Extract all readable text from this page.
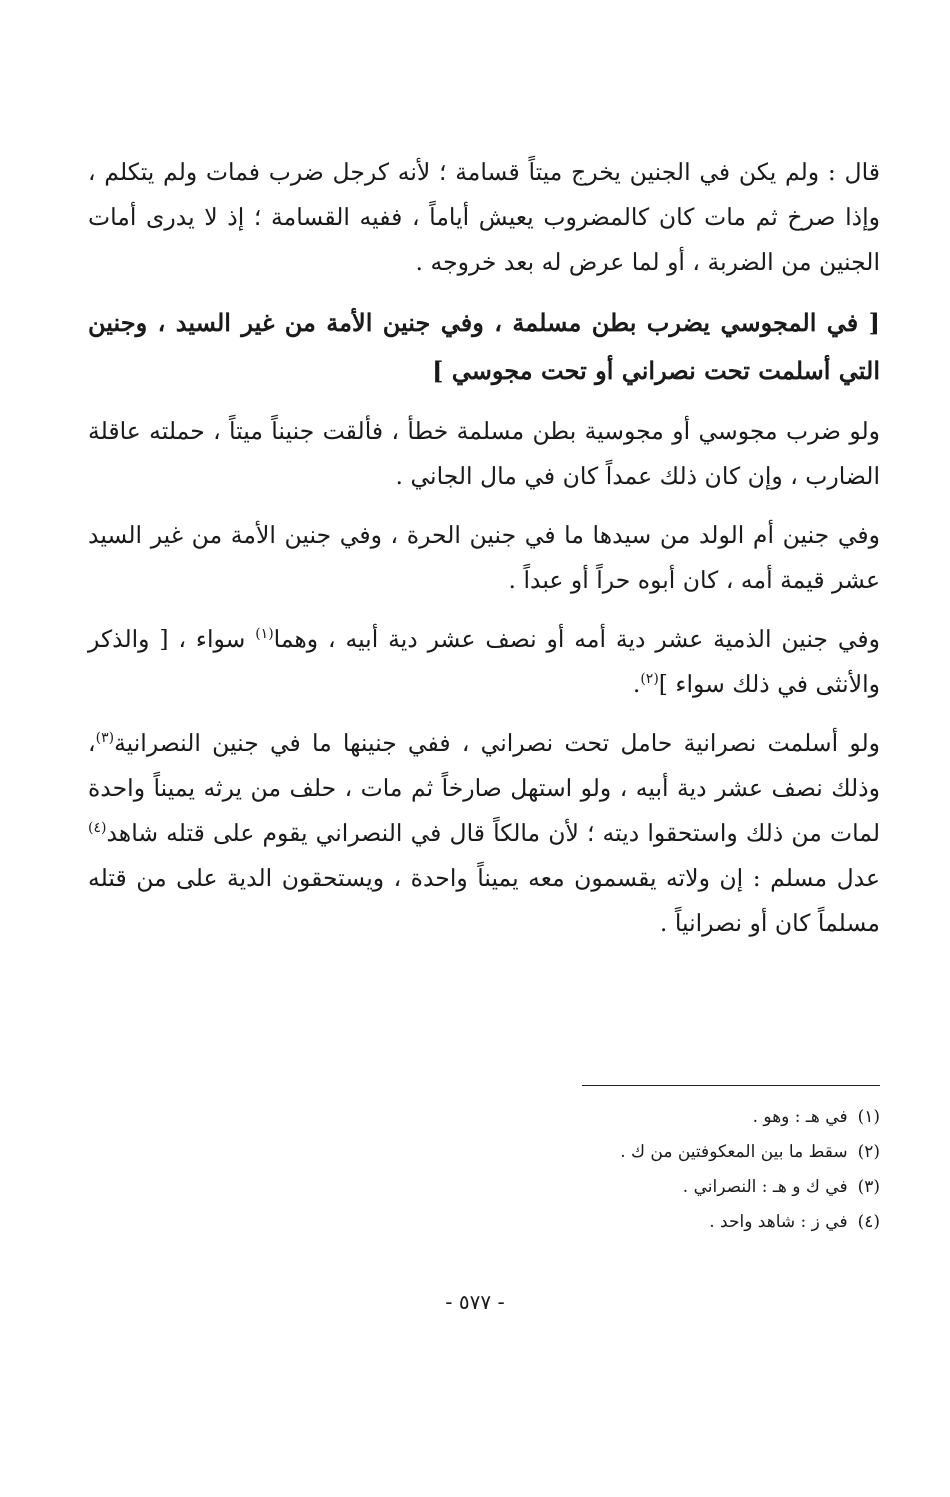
قال : ولم يكن في الجنين يخرج ميتاً قسامة ؛ لأنه كرجل ضرب فمات ولم يتكلم ، وإذا صرخ ثم مات كان كالمضروب يعيش أياماً ، ففيه القسامة ؛ إذ لا يدرى أمات الجنين من الضربة ، أو لما عرض له بعد خروجه .

[ في المجوسي يضرب بطن مسلمة ، وفي جنين الأمة من غير السيد ، وجنين التي أسلمت تحت نصراني أو تحت مجوسي ]

ولو ضرب مجوسي أو مجوسية بطن مسلمة خطأ ، فألقت جنيناً ميتاً ، حملته عاقلة الضارب ، وإن كان ذلك عمداً كان في مال الجاني .

وفي جنين أم الولد من سيدها ما في جنين الحرة ، وفي جنين الأمة من غير السيد عشر قيمة أمه ، كان أبوه حراً أو عبداً .

وفي جنين الذمية عشر دية أمه أو نصف عشر دية أبيه ، وهما$^{(١)}$ سواء ، [ والذكر والأنثى في ذلك سواء ]$^{(٢)}$.

ولو أسلمت نصرانية حامل تحت نصراني ، ففي جنينها ما في جنين النصرانية$^{(٣)}$، وذلك نصف عشر دية أبيه ، ولو استهل صارخاً ثم مات ، حلف من يرثه يميناً واحدة لمات من ذلك واستحقوا ديته ؛ لأن مالكاً قال في النصراني يقوم على قتله شاهد$^{(٤)}$ عدل مسلم : إن ولاته يقسمون معه يميناً واحدة ، ويستحقون الدية على من قتله مسلماً كان أو نصرانياً .

(١)في هـ : وهو .
(٢)سقط ما بين المعكوفتين من ك .
(٣)في ك و هـ : النصراني .
(٤)في ز : شاهد واحد .
- ٥٧٧ -
